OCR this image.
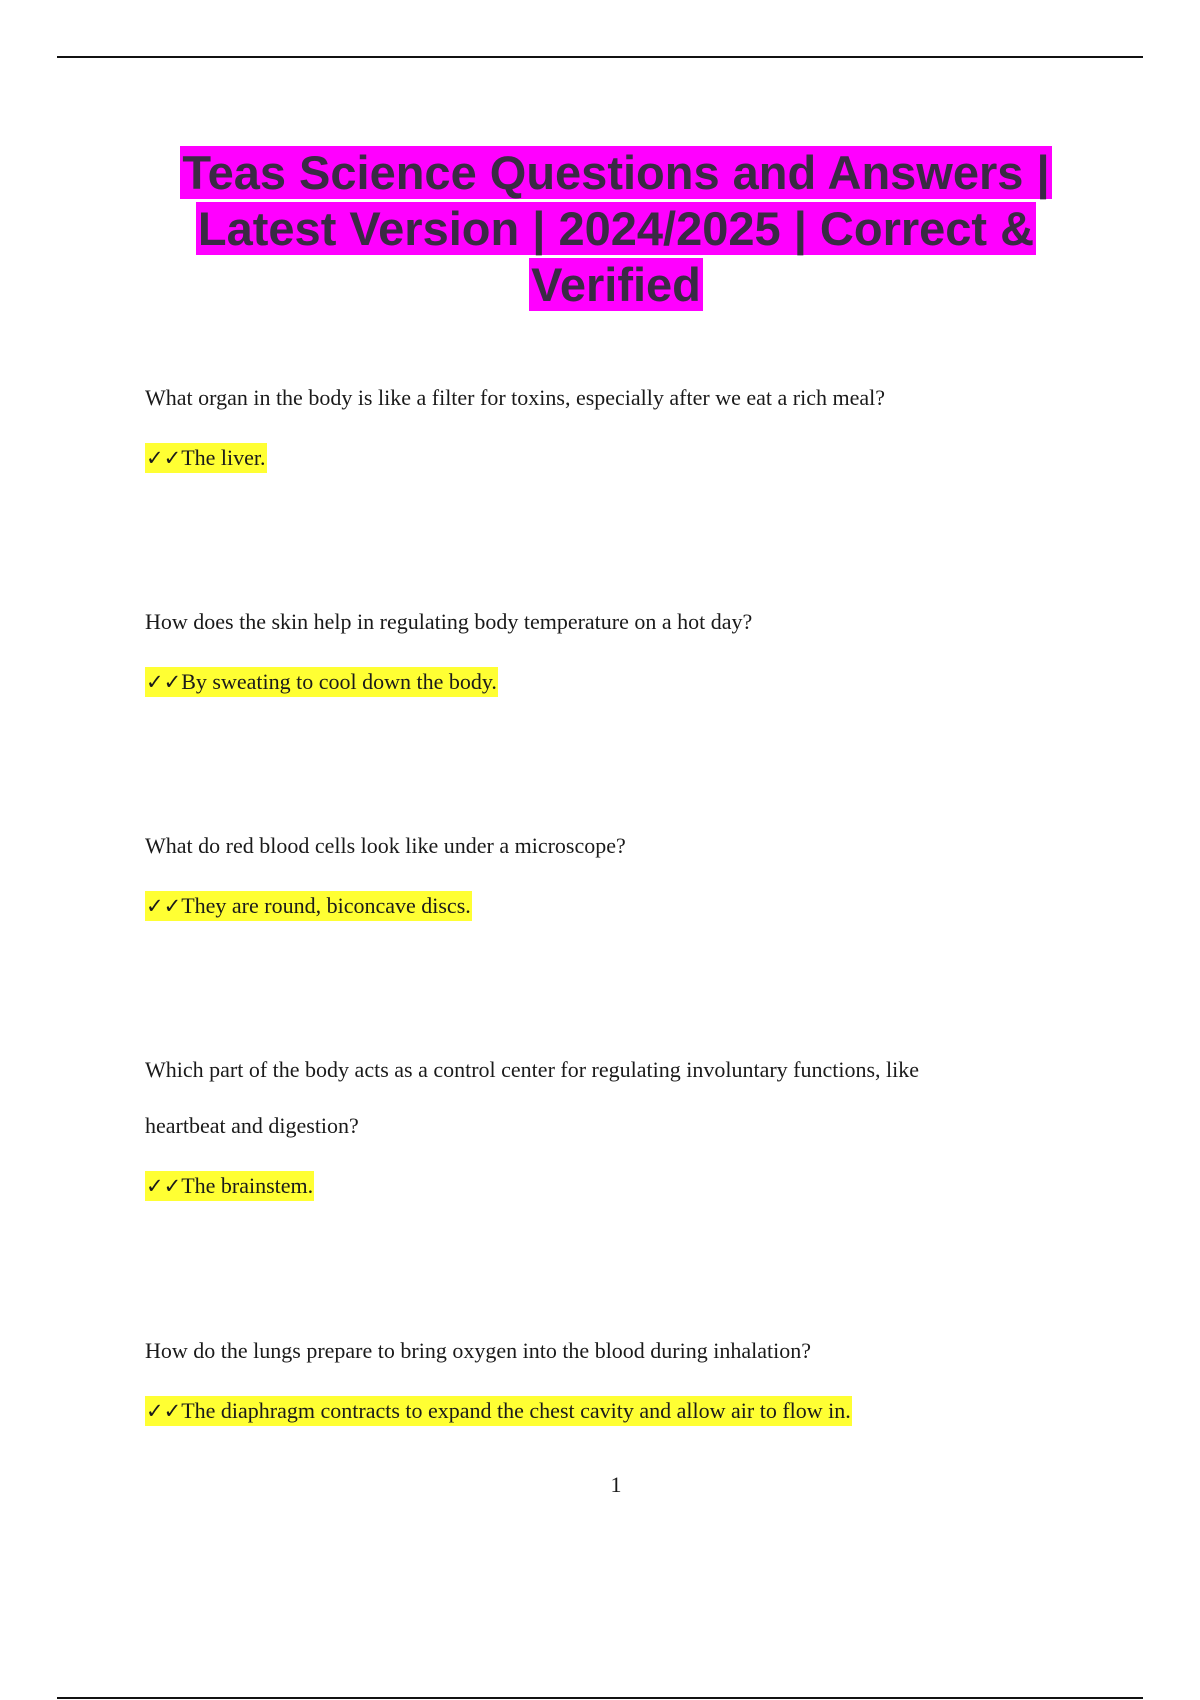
Teas Science Questions and Answers |
Latest Version | 2024/2025 | Correct &
Verified

What organ in the body is like a filter for toxins, especially after we eat a rich meal?

✓✓The liver.

How does the skin help in regulating body temperature on a hot day?

✓✓By sweating to cool down the body.

What do red blood cells look like under a microscope?

✓✓They are round, biconcave discs.

Which part of the body acts as a control center for regulating involuntary functions, like
heartbeat and digestion?

✓✓The brainstem.

How do the lungs prepare to bring oxygen into the blood during inhalation?

✓✓The diaphragm contracts to expand the chest cavity and allow air to flow in.

1
